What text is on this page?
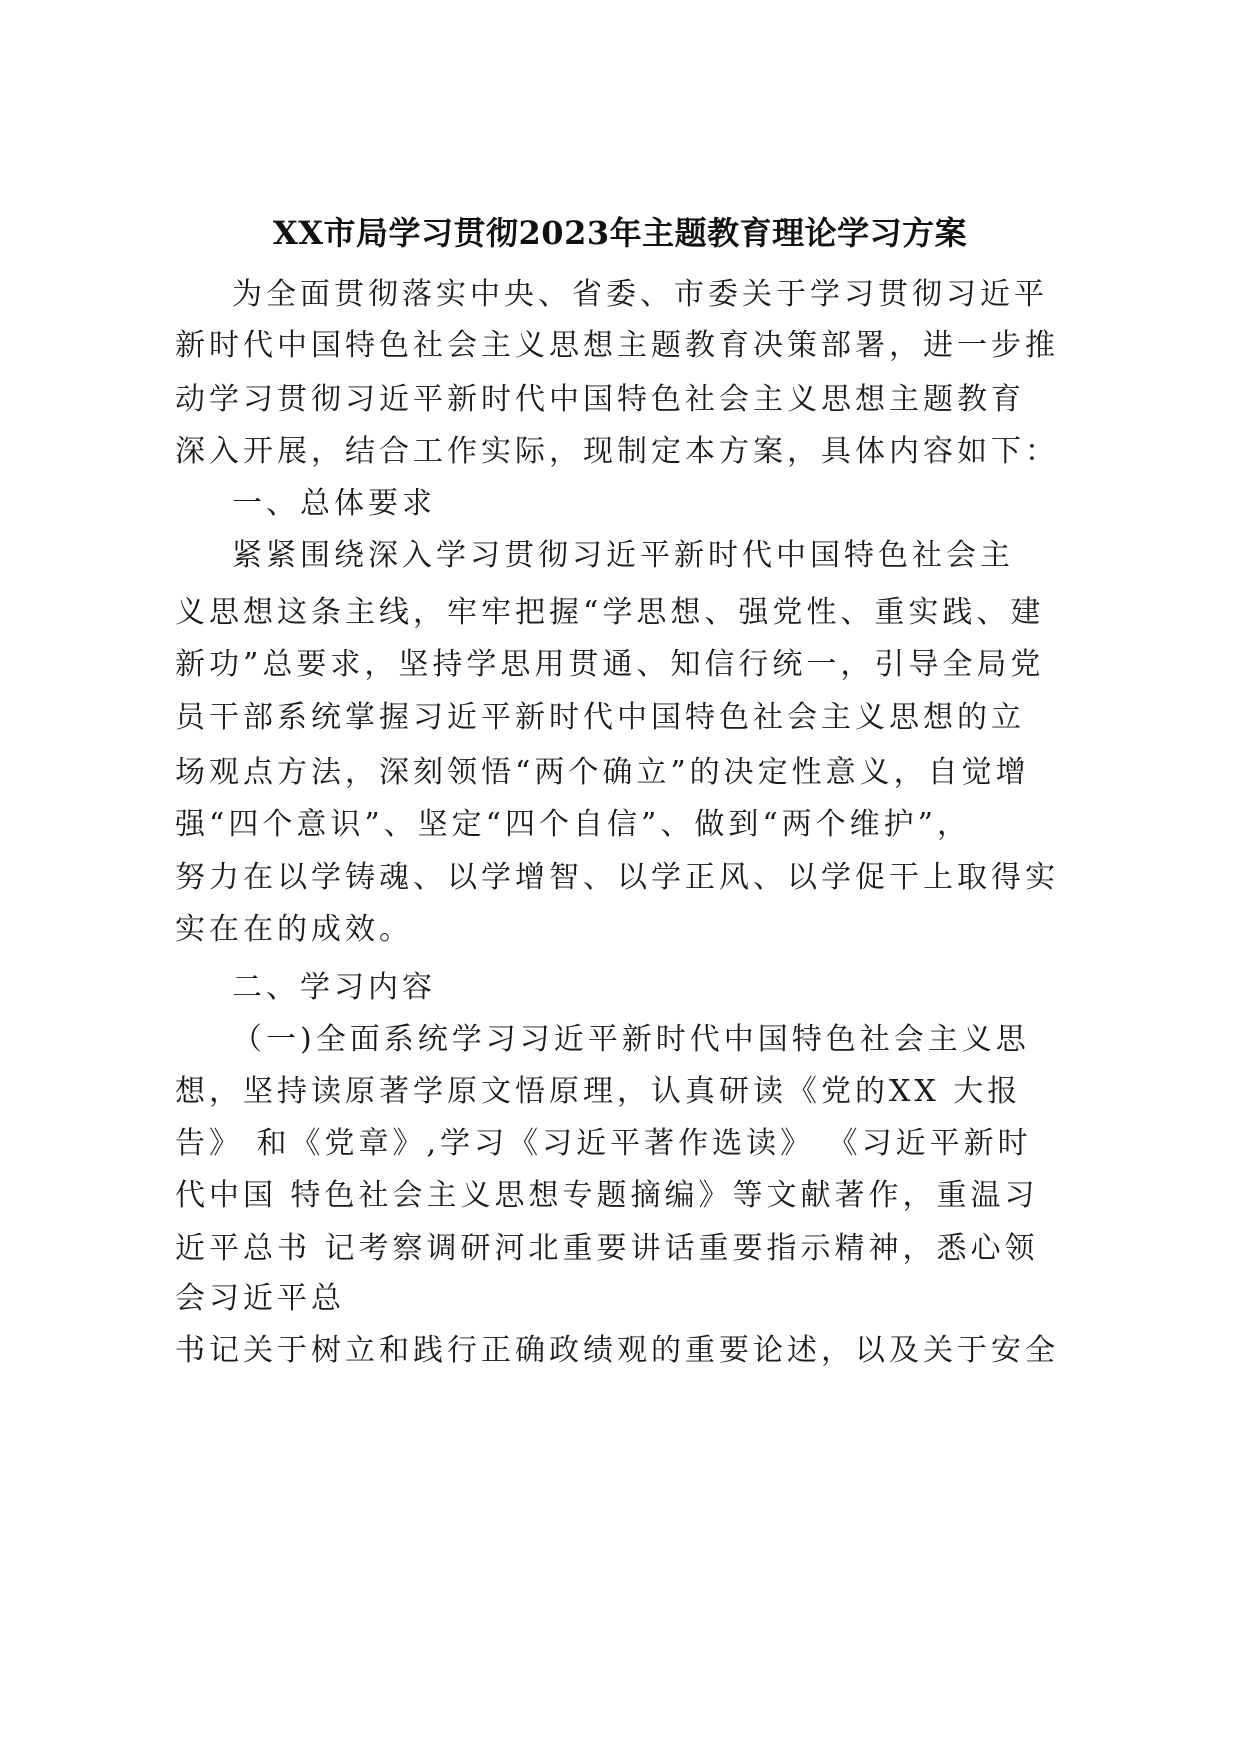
XX市局学习贯彻2023年主题教育理论学习方案
为全面贯彻落实中央、省委、市委关于学习贯彻习近平
新时代中国特色社会主义思想主题教育决策部署，进一步推
动学习贯彻习近平新时代中国特色社会主义思想主题教育
深入开展，结合工作实际，现制定本方案，具体内容如下：
一、总体要求
紧紧围绕深入学习贯彻习近平新时代中国特色社会主
义思想这条主线，牢牢把握“学思想、强党性、重实践、建
新功”总要求，坚持学思用贯通、知信行统一，引导全局党
员干部系统掌握习近平新时代中国特色社会主义思想的立
场观点方法，深刻领悟“两个确立”的决定性意义，自觉增
强“四个意识”、坚定“四个自信”、做到“两个维护”，
努力在以学铸魂、以学增智、以学正风、以学促干上取得实
实在在的成效。
二、学习内容
（一)全面系统学习习近平新时代中国特色社会主义思
想，坚持读原著学原文悟原理，认真研读《党的XX 大报
告》 和《党章》,学习《习近平著作选读》 《习近平新时
代中国 特色社会主义思想专题摘编》等文献著作，重温习
近平总书 记考察调研河北重要讲话重要指示精神，悉心领
会习近平总
书记关于树立和践行正确政绩观的重要论述，以及关于安全
